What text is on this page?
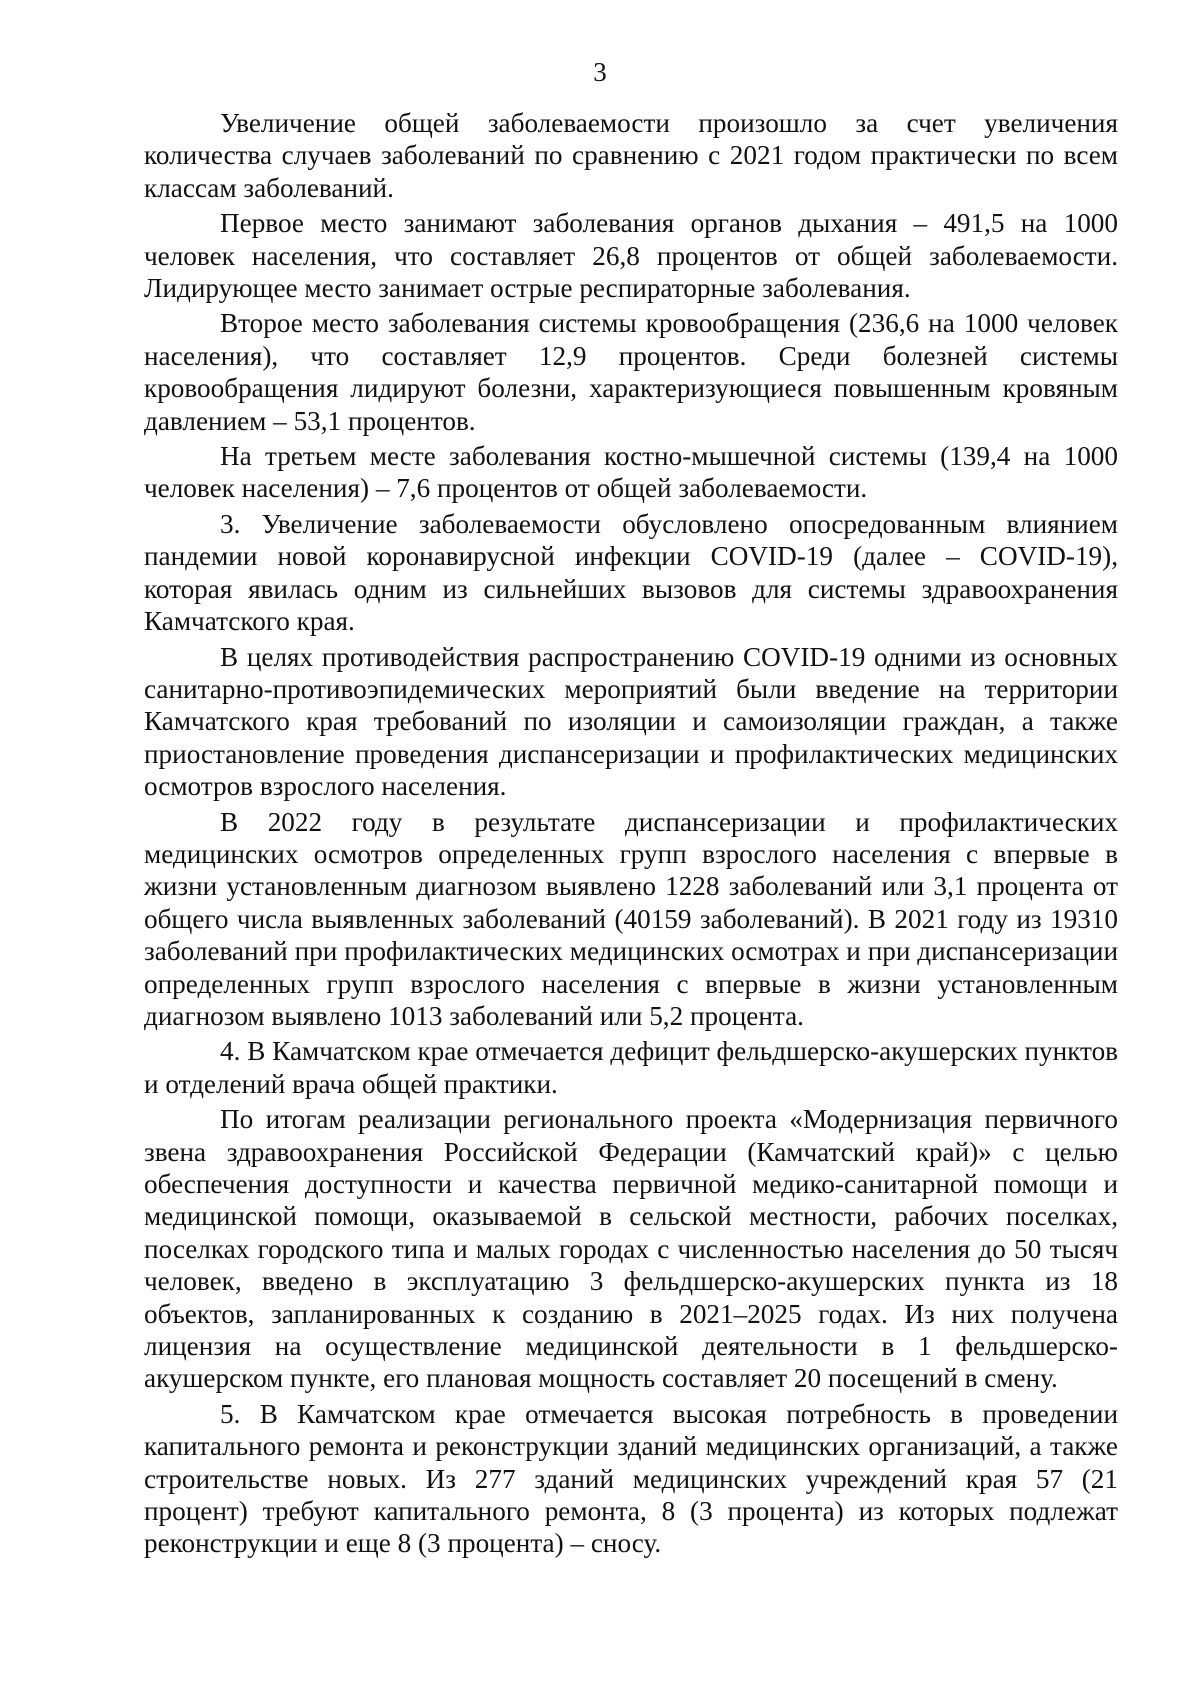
3

Увеличение общей заболеваемости произошло за счет увеличения количества случаев заболеваний по сравнению с 2021 годом практически по всем классам заболеваний.

Первое место занимают заболевания органов дыхания – 491,5 на 1000 человек населения, что составляет 26,8 процентов от общей заболеваемости. Лидирующее место занимает острые респираторные заболевания.

Второе место заболевания системы кровообращения (236,6 на 1000 человек населения), что составляет 12,9 процентов. Среди болезней системы кровообращения лидируют болезни, характеризующиеся повышенным кровяным давлением – 53,1 процентов.

На третьем месте заболевания костно-мышечной системы (139,4 на 1000 человек населения) – 7,6 процентов от общей заболеваемости.

3. Увеличение заболеваемости обусловлено опосредованным влиянием пандемии новой коронавирусной инфекции COVID-19 (далее – COVID-19), которая явилась одним из сильнейших вызовов для системы здравоохранения Камчатского края.

В целях противодействия распространению COVID-19 одними из основных санитарно-противоэпидемических мероприятий были введение на территории Камчатского края требований по изоляции и самоизоляции граждан, а также приостановление проведения диспансеризации и профилактических медицинских осмотров взрослого населения.

В 2022 году в результате диспансеризации и профилактических медицинских осмотров определенных групп взрослого населения с впервые в жизни установленным диагнозом выявлено 1228 заболеваний или 3,1 процента от общего числа выявленных заболеваний (40159 заболеваний). В 2021 году из 19310 заболеваний при профилактических медицинских осмотрах и при диспансеризации определенных групп взрослого населения с впервые в жизни установленным диагнозом выявлено 1013 заболеваний или 5,2 процента.

4. В Камчатском крае отмечается дефицит фельдшерско-акушерских пунктов и отделений врача общей практики.

По итогам реализации регионального проекта «Модернизация первичного звена здравоохранения Российской Федерации (Камчатский край)» с целью обеспечения доступности и качества первичной медико-санитарной помощи и медицинской помощи, оказываемой в сельской местности, рабочих поселках, поселках городского типа и малых городах с численностью населения до 50 тысяч человек, введено в эксплуатацию 3 фельдшерско-акушерских пункта из 18 объектов, запланированных к созданию в 2021–2025 годах. Из них получена лицензия на осуществление медицинской деятельности в 1 фельдшерско-акушерском пункте, его плановая мощность составляет 20 посещений в смену.

5. В Камчатском крае отмечается высокая потребность в проведении капитального ремонта и реконструкции зданий медицинских организаций, а также строительстве новых. Из 277 зданий медицинских учреждений края 57 (21 процент) требуют капитального ремонта, 8 (3 процента) из которых подлежат реконструкции и еще 8 (3 процента) – сносу.
